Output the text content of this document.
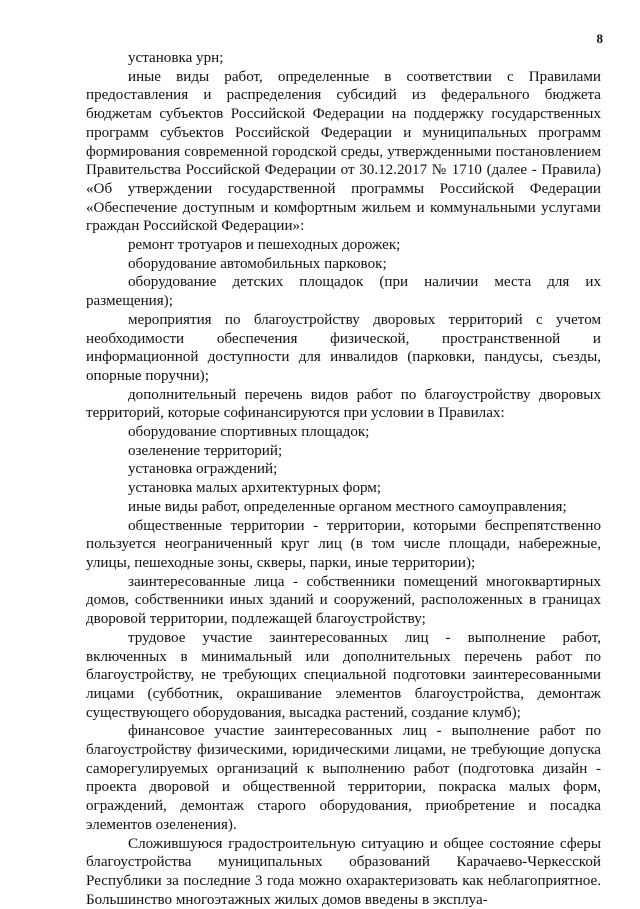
8

установка урн;

иные виды работ, определенные в соответствии с Правилами предоставления и распределения субсидий из федерального бюджета бюджетам субъектов Российской Федерации на поддержку государственных программ субъектов Российской Федерации и муниципальных программ формирования современной городской среды, утвержденными постановлением Правительства Российской Федерации от 30.12.2017 № 1710 (далее - Правила) «Об утверждении государственной программы Российской Федерации «Обеспечение доступным и комфортным жильем и коммунальными услугами граждан Российской Федерации»:

ремонт тротуаров и пешеходных дорожек;

оборудование автомобильных парковок;

оборудование детских площадок (при наличии места для их размещения);

мероприятия по благоустройству дворовых территорий с учетом необходимости обеспечения физической, пространственной и информационной доступности для инвалидов (парковки, пандусы, съезды, опорные поручни);

дополнительный перечень видов работ по благоустройству дворовых территорий, которые софинансируются при условии в Правилах:

оборудование спортивных площадок;

озеленение территорий;

установка ограждений;

установка малых архитектурных форм;

иные виды работ, определенные органом местного самоуправления;

общественные территории - территории, которыми беспрепятственно пользуется неограниченный круг лиц (в том числе площади, набережные, улицы, пешеходные зоны, скверы, парки, иные территории);

заинтересованные лица - собственники помещений многоквартирных домов, собственники иных зданий и сооружений, расположенных в границах дворовой территории, подлежащей благоустройству;

трудовое участие заинтересованных лиц - выполнение работ, включенных в минимальный или дополнительных перечень работ по благоустройству, не требующих специальной подготовки заинтересованными лицами (субботник, окрашивание элементов благоустройства, демонтаж существующего оборудования, высадка растений, создание клумб);

финансовое участие заинтересованных лиц - выполнение работ по благоустройству физическими, юридическими лицами, не требующие допуска саморегулируемых организаций к выполнению работ (подготовка дизайн - проекта дворовой и общественной территории, покраска малых форм, ограждений, демонтаж старого оборудования, приобретение и посадка элементов озеленения).

Сложившуюся градостроительную ситуацию и общее состояние сферы благоустройства муниципальных образований Карачаево-Черкесской Республики за последние 3 года можно охарактеризовать как неблагоприятное. Большинство многоэтажных жилых домов введены в эксплуа-
